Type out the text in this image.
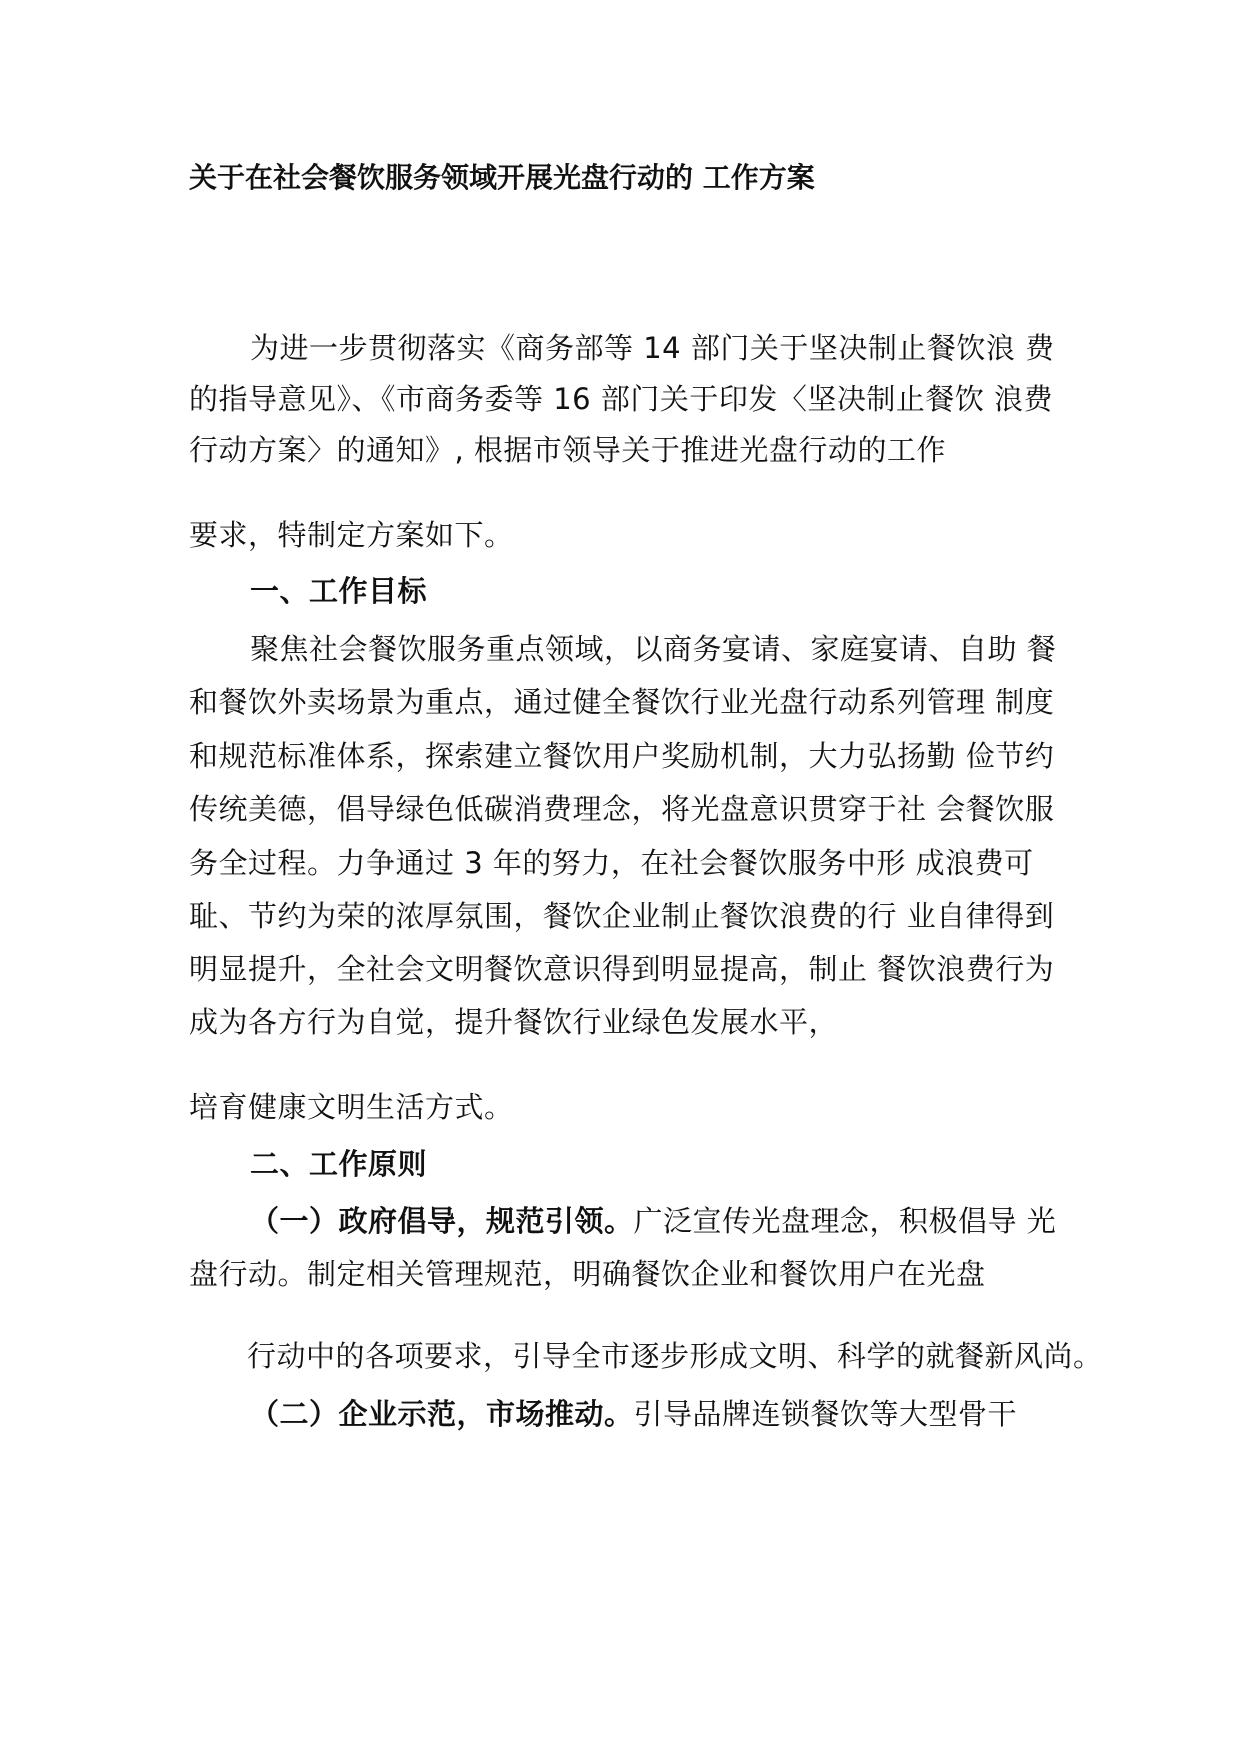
关于在社会餐饮服务领域开展光盘行动的 工作方案
为进一步贯彻落实《商务部等 14 部门关于坚决制止餐饮浪 费
的指导意见》、《市商务委等 16 部门关于印发〈坚决制止餐饮 浪费
行动方案〉的通知》, 根据市领导关于推进光盘行动的工作
要求，特制定方案如下。
一、工作目标
聚焦社会餐饮服务重点领域，以商务宴请、家庭宴请、自助 餐
和餐饮外卖场景为重点，通过健全餐饮行业光盘行动系列管理 制度
和规范标准体系，探索建立餐饮用户奖励机制，大力弘扬勤 俭节约
传统美德，倡导绿色低碳消费理念，将光盘意识贯穿于社 会餐饮服
务全过程。力争通过 3 年的努力，在社会餐饮服务中形 成浪费可
耻、节约为荣的浓厚氛围，餐饮企业制止餐饮浪费的行 业自律得到
明显提升，全社会文明餐饮意识得到明显提高，制止 餐饮浪费行为
成为各方行为自觉，提升餐饮行业绿色发展水平，
培育健康文明生活方式。
二、工作原则
（一）政府倡导，规范引领。广泛宣传光盘理念，积极倡导 光
盘行动。制定相关管理规范，明确餐饮企业和餐饮用户在光盘
行动中的各项要求，引导全市逐步形成文明、科学的就餐新风尚。
（二）企业示范，市场推动。引导品牌连锁餐饮等大型骨干
